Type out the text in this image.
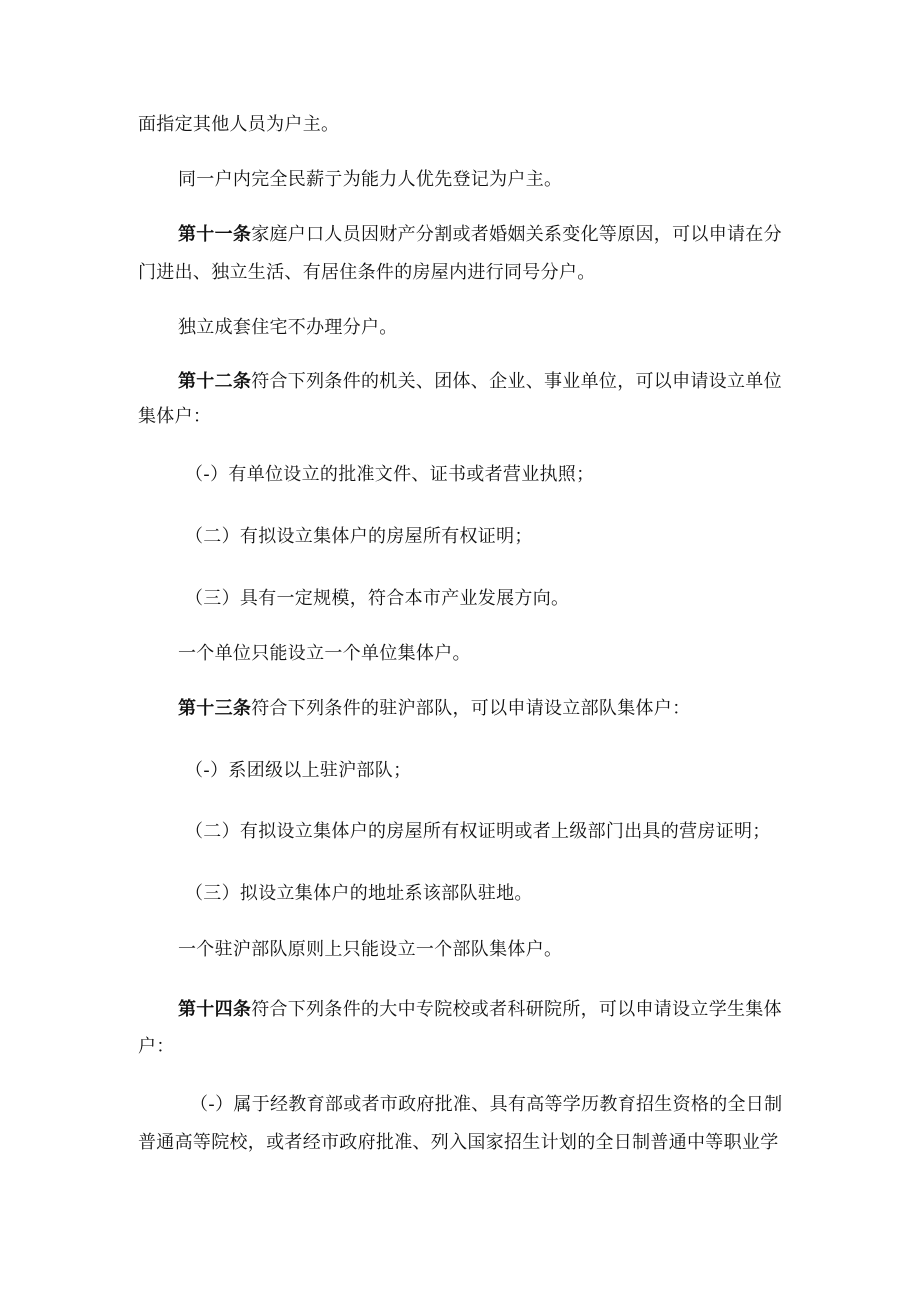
面指定其他人员为户主。
同一户内完全民薪亍为能力人优先登记为户主。
第十一条家庭户口人员因财产分割或者婚姻关系变化等原因，可以申请在分
门进出、独立生活、有居住条件的房屋内进行同号分户。
独立成套住宅不办理分户。
第十二条符合下列条件的机关、团体、企业、事业单位，可以申请设立单位
集体户：
（-）有单位设立的批准文件、证书或者营业执照；
（二）有拟设立集体户的房屋所有权证明；
（三）具有一定规模，符合本市产业发展方向。
一个单位只能设立一个单位集体户。
第十三条符合下列条件的驻沪部队，可以申请设立部队集体户：
（-）系团级以上驻沪部队；
（二）有拟设立集体户的房屋所有权证明或者上级部门出具的营房证明；
（三）拟设立集体户的地址系该部队驻地。
一个驻沪部队原则上只能设立一个部队集体户。
第十四条符合下列条件的大中专院校或者科研院所，可以申请设立学生集体
户：
（-）属于经教育部或者市政府批准、具有高等学历教育招生资格的全日制
普通高等院校，或者经市政府批准、列入国家招生计划的全日制普通中等职业学
